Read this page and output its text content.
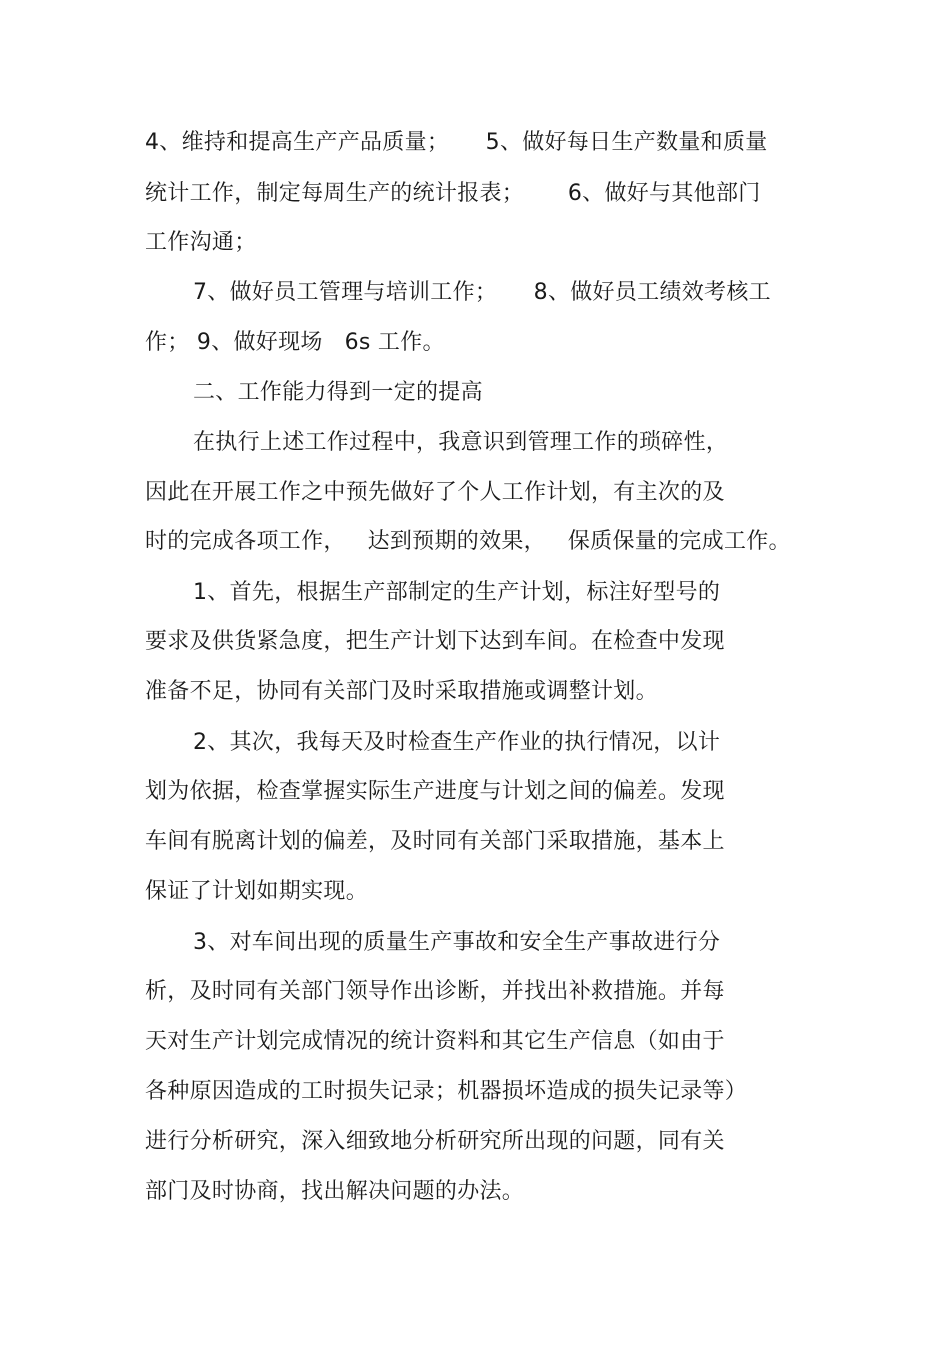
4、维持和提高生产产品质量；     5、做好每日生产数量和质量
统计工作，制定每周生产的统计报表；      6、做好与其他部门
工作沟通；
7、做好员工管理与培训工作；     8、做好员工绩效考核工
作； 9、做好现场   6s 工作。
二、工作能力得到一定的提高
在执行上述工作过程中，我意识到管理工作的琐碎性，
因此在开展工作之中预先做好了个人工作计划，有主次的及
时的完成各项工作，   达到预期的效果，   保质保量的完成工作。
1、首先，根据生产部制定的生产计划，标注好型号的
要求及供货紧急度，把生产计划下达到车间。在检查中发现
准备不足，协同有关部门及时采取措施或调整计划。
2、其次，我每天及时检查生产作业的执行情况，以计
划为依据，检查掌握实际生产进度与计划之间的偏差。发现
车间有脱离计划的偏差，及时同有关部门采取措施，基本上
保证了计划如期实现。
3、对车间出现的质量生产事故和安全生产事故进行分
析，及时同有关部门领导作出诊断，并找出补救措施。并每
天对生产计划完成情况的统计资料和其它生产信息（如由于
各种原因造成的工时损失记录；机器损坏造成的损失记录等）
进行分析研究，深入细致地分析研究所出现的问题，同有关
部门及时协商，找出解决问题的办法。
